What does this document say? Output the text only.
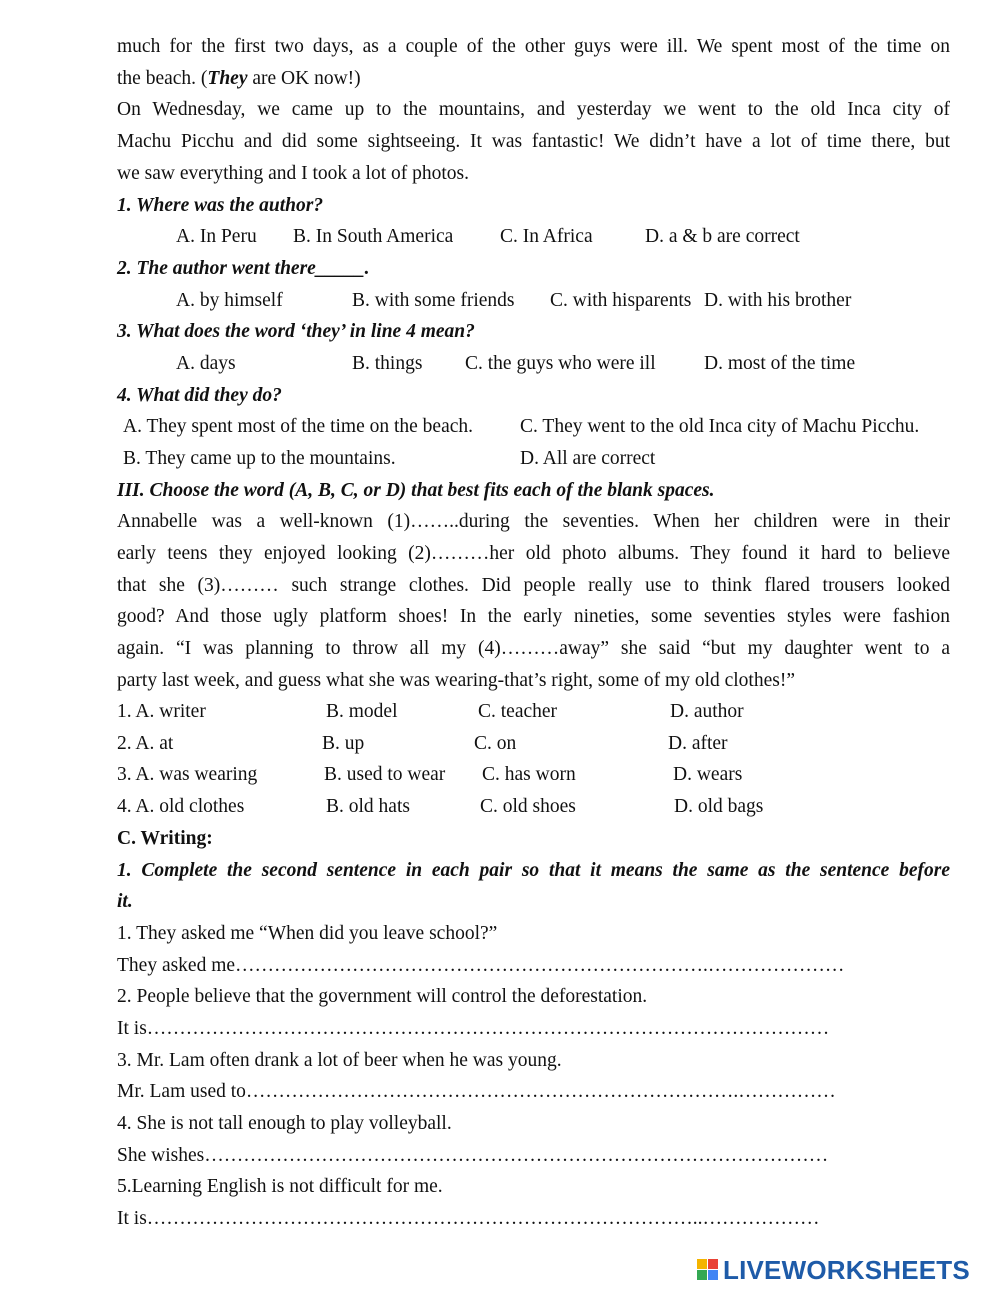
much for the first two days, as a couple of the other guys were ill. We spent most of the time on
the beach. (They are OK now!)
On Wednesday, we came up to the mountains, and yesterday we went to the old Inca city of
Machu Picchu and did some sightseeing. It was fantastic! We didn’t have a lot of time there, but
we saw everything and I took a lot of photos.
1. Where was the author?
A. In Peru B. In South America C. In Africa	D. a & b are correct
2. The author went there_____.
A. by himself	B. with some friends C. with hisparents D. with his brother
3. What does the word ‘they’ in line 4 mean?
A. days	B. things C. the guys who were ill D. most of the time
4. What did they do?
A. They spent most of the time on the beach. C. They went to the old Inca city of Machu Picchu.
B. They came up to the mountains.	D. All are correct
III. Choose the word (A, B, C, or D) that best fits each of the blank spaces.
Annabelle was a well-known (1)……..during the seventies. When her children were in their
early teens they enjoyed looking (2)………her old photo albums. They found it hard to believe
that she (3)……… such strange clothes. Did people really use to think flared trousers looked
good? And those ugly platform shoes! In the early nineties, some seventies styles were fashion
again. “I was planning to throw all my (4)………away” she said “but my daughter went to a
party last week, and guess what she was wearing-that’s right, some of my old clothes!”
1. A. writer	B. model	C. teacher	D. author
2. A. at	B. up	C. on	D. after
3. A. was wearing	B. used to wear C. has worn	D. wears
4. A. old clothes	B. old hats	C. old shoes	D. old bags
C. Writing:
1. Complete the second sentence in each pair so that it means the same as the sentence before
it.
1. They asked me “When did you leave school?”
They asked me……………………………………………………………….…………………
2. People believe that the government will control the deforestation.
It is……………………………………………………………………………………………
3. Mr. Lam often drank a lot of beer when he was young.
Mr. Lam used to………………………………………………………………….……………
4. She is not tall enough to play volleyball.
She wishes……………………………………………………………………………………
5.Learning English is not difficult for me.
It is…………………………………………………………………………..………………
LIVEWORKSHEETS
